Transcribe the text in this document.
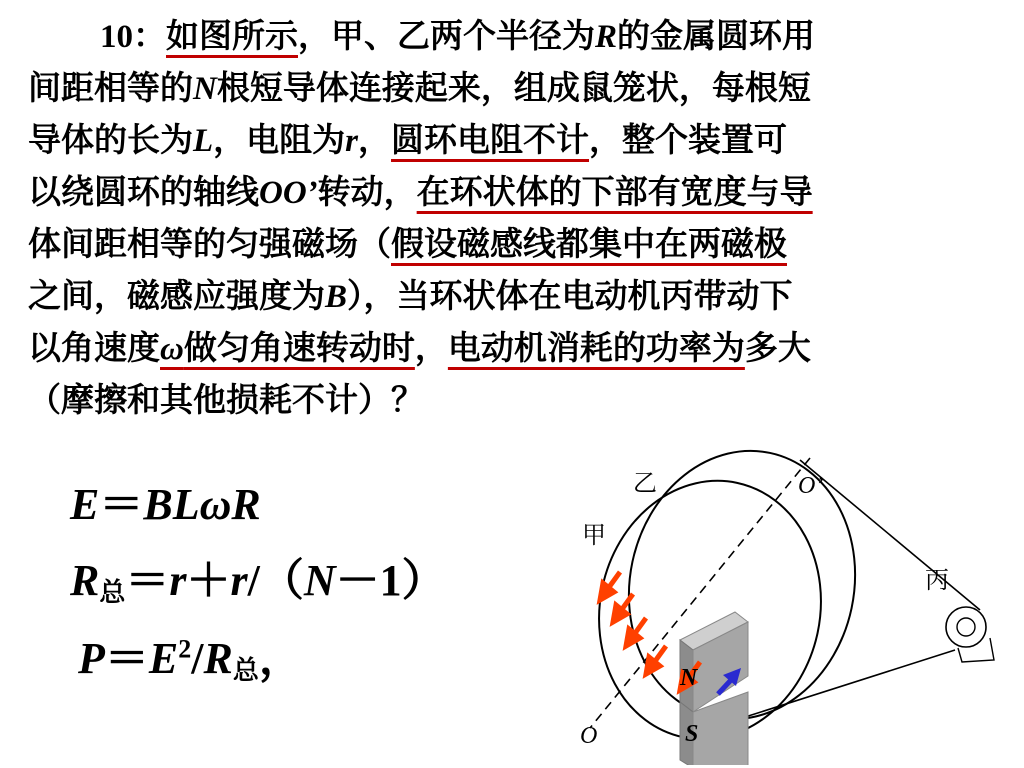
10：如图所示，甲、乙两个半径为R的金属圆环用
间距相等的N根短导体连接起来，组成鼠笼状，每根短
导体的长为L，电阻为r，圆环电阻不计，整个装置可
以绕圆环的轴线OO’转动，在环状体的下部有宽度与导
体间距相等的匀强磁场（假设磁感线都集中在两磁极
之间，磁感应强度为B），当环状体在电动机丙带动下
以角速度ω做匀角速转动时，电动机消耗的功率为多大
（摩擦和其他损耗不计）？
E＝BLωR
$R_总=r+r/(N-1)$
$P=E^2/R_总$，
乙
甲
丙
O’
O
N
S
